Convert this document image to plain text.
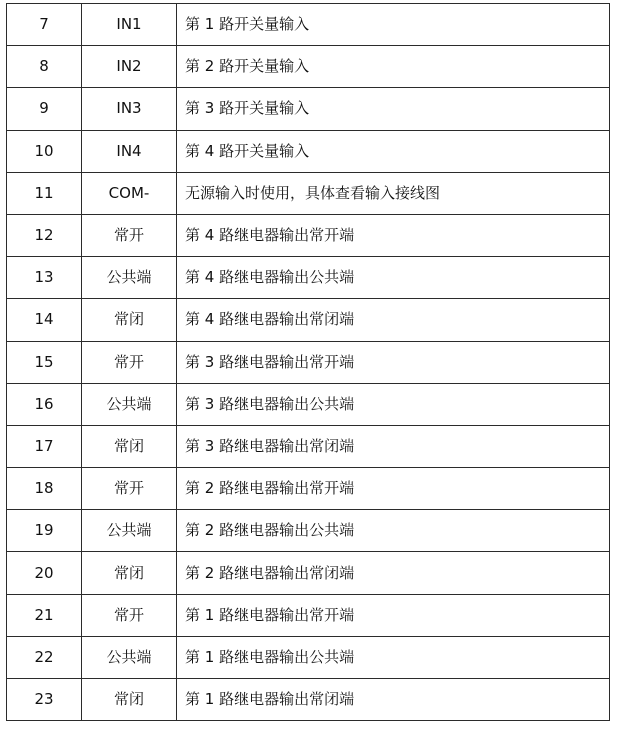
7	IN1	第 1 路开关量输入
8	IN2	第 2 路开关量输入
9	IN3	第 3 路开关量输入
10	IN4	第 4 路开关量输入
11	COM-	无源输入时使用，具体查看输入接线图
12	常开	第 4 路继电器输出常开端
13	公共端	第 4 路继电器输出公共端
14	常闭	第 4 路继电器输出常闭端
15	常开	第 3 路继电器输出常开端
16	公共端	第 3 路继电器输出公共端
17	常闭	第 3 路继电器输出常闭端
18	常开	第 2 路继电器输出常开端
19	公共端	第 2 路继电器输出公共端
20	常闭	第 2 路继电器输出常闭端
21	常开	第 1 路继电器输出常开端
22	公共端	第 1 路继电器输出公共端
23	常闭	第 1 路继电器输出常闭端
